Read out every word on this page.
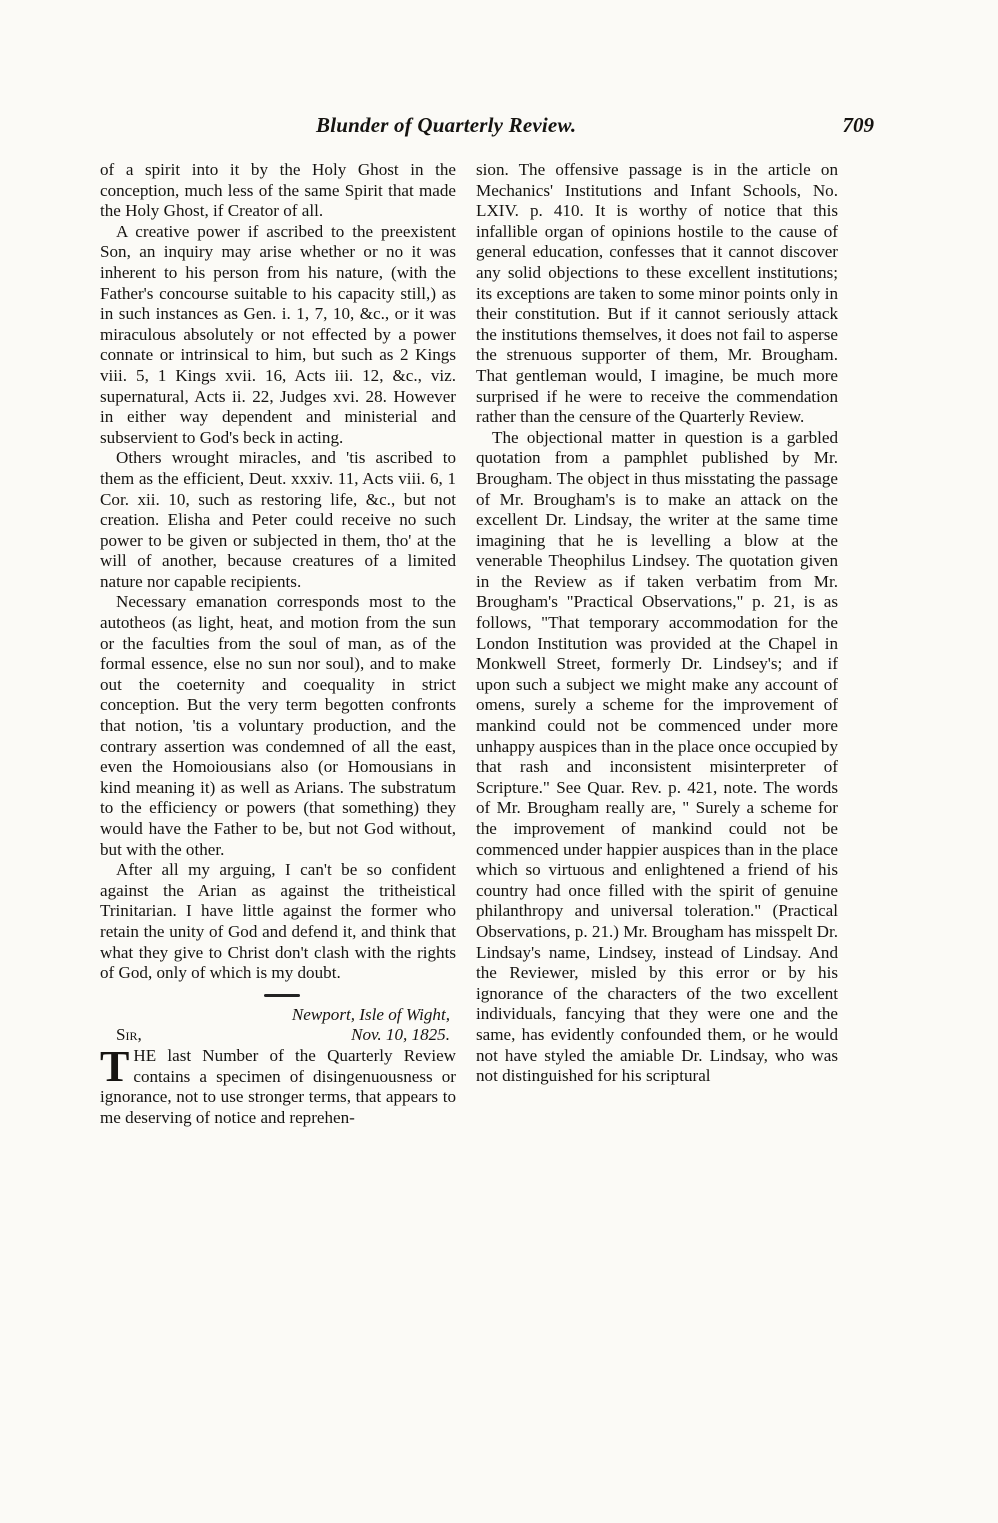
Blunder of Quarterly Review.	709

of a spirit into it by the Holy Ghost in the conception, much less of the same Spirit that made the Holy Ghost, if Creator of all.

A creative power if ascribed to the preexistent Son, an inquiry may arise whether or no it was inherent to his person from his nature, (with the Father's concourse suitable to his capacity still,) as in such instances as Gen. i. 1, 7, 10, &c., or it was miraculous absolutely or not effected by a power connate or intrinsical to him, but such as 2 Kings viii. 5, 1 Kings xvii. 16, Acts iii. 12, &c., viz. supernatural, Acts ii. 22, Judges xvi. 28. However in either way dependent and ministerial and subservient to God's beck in acting.

Others wrought miracles, and 'tis ascribed to them as the efficient, Deut. xxxiv. 11, Acts viii. 6, 1 Cor. xii. 10, such as restoring life, &c., but not creation. Elisha and Peter could receive no such power to be given or subjected in them, tho' at the will of another, because creatures of a limited nature nor capable recipients.

Necessary emanation corresponds most to the autotheos (as light, heat, and motion from the sun or the faculties from the soul of man, as of the formal essence, else no sun nor soul), and to make out the coeternity and coequality in strict conception. But the very term begotten confronts that notion, 'tis a voluntary production, and the contrary assertion was condemned of all the east, even the Homoiousians also (or Homousians in kind meaning it) as well as Arians. The substratum to the efficiency or powers (that something) they would have the Father to be, but not God without, but with the other.

After all my arguing, I can't be so confident against the Arian as against the tritheistical Trinitarian. I have little against the former who retain the unity of God and defend it, and think that what they give to Christ don't clash with the rights of God, only of which is my doubt.

Newport, Isle of Wight,

Sir,	Nov. 10, 1825.

T HE last Number of the Quarterly Review contains a specimen of disingenuousness or ignorance, not to use stronger terms, that appears to me deserving of notice and reprehen-

sion. The offensive passage is in the article on Mechanics' Institutions and Infant Schools, No. LXIV. p. 410. It is worthy of notice that this infallible organ of opinions hostile to the cause of general education, confesses that it cannot discover any solid objections to these excellent institutions; its exceptions are taken to some minor points only in their constitution. But if it cannot seriously attack the institutions themselves, it does not fail to asperse the strenuous supporter of them, Mr. Brougham. That gentleman would, I imagine, be much more surprised if he were to receive the commendation rather than the censure of the Quarterly Review.

The objectional matter in question is a garbled quotation from a pamphlet published by Mr. Brougham. The object in thus misstating the passage of Mr. Brougham's is to make an attack on the excellent Dr. Lindsay, the writer at the same time imagining that he is levelling a blow at the venerable Theophilus Lindsey. The quotation given in the Review as if taken verbatim from Mr. Brougham's "Practical Observations," p. 21, is as follows, "That temporary accommodation for the London Institution was provided at the Chapel in Monkwell Street, formerly Dr. Lindsey's; and if upon such a subject we might make any account of omens, surely a scheme for the improvement of mankind could not be commenced under more unhappy auspices than in the place once occupied by that rash and inconsistent misinterpreter of Scripture." See Quar. Rev. p. 421, note. The words of Mr. Brougham really are, " Surely a scheme for the improvement of mankind could not be commenced under happier auspices than in the place which so virtuous and enlightened a friend of his country had once filled with the spirit of genuine philanthropy and universal toleration." (Practical Observations, p. 21.) Mr. Brougham has misspelt Dr. Lindsay's name, Lindsey, instead of Lindsay. And the Reviewer, misled by this error or by his ignorance of the characters of the two excellent individuals, fancying that they were one and the same, has evidently confounded them, or he would not have styled the amiable Dr. Lindsay, who was not distinguished for his scriptural
